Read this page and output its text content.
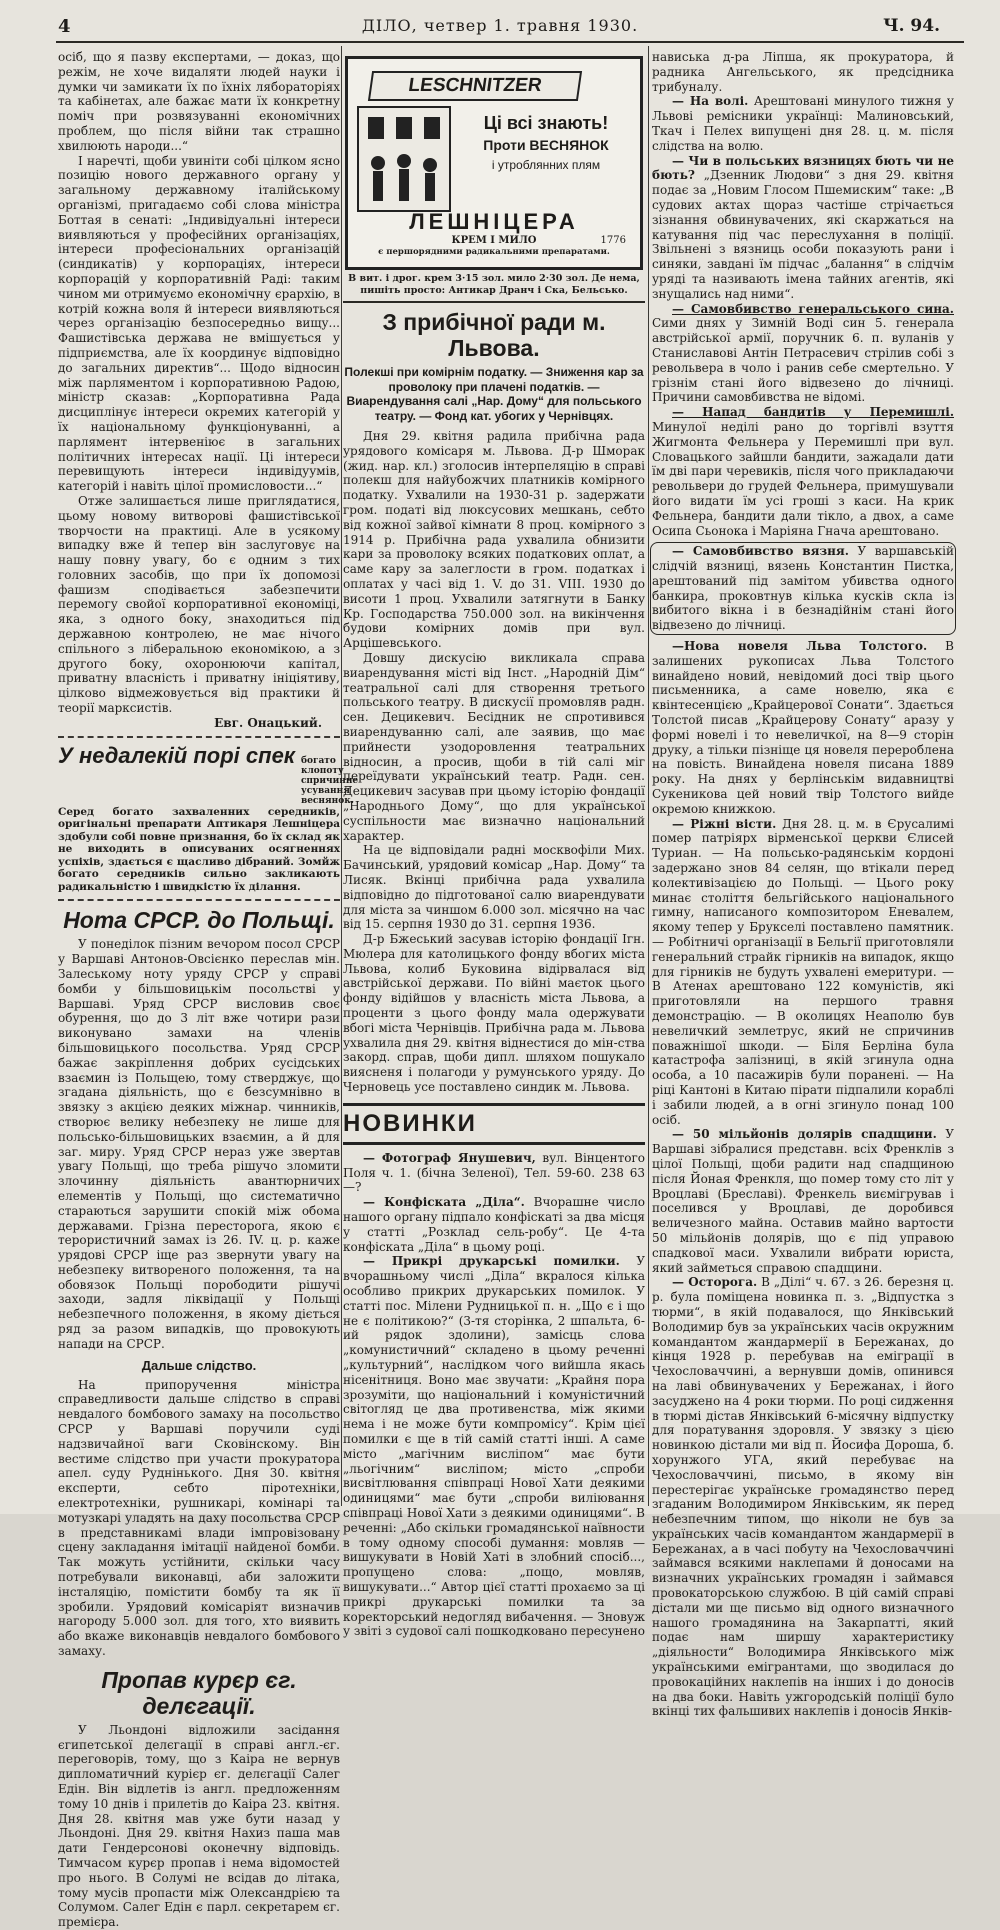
4	ДІЛО, четвер 1. травня 1930.	Ч. 94.

осіб, що я пазву експертами, — доказ, що режім, не хоче видаляти людей науки і думки чи замикати їх по їхніх лябораторіях та кабінетах, але бажає мати їх конкретну поміч при розвязуванні економічних проблем, що після війни так страшно хвилюють народи...“

І наречті, щоби увиніти собі цілком ясно позицію нового державного органу у загальному державному італійському організмі, пригадаємо собі слова міністра Боттая в сенаті: „Індивідуальні інтереси виявляються у професійних організаціях, інтереси професіональних організацій (синдикатів) у корпораціях, інтереси корпорацій у корпоративній Раді: таким чином ми отримуємо економічну єрархію, в котрій кожна воля й інтереси виявляються через організацію безпосередньо вищу... Фашистівська держава не вмішується у підприємства, але їх координує відповідно до загальних директив“... Щодо відносин між парляментом і корпоративною Радою, міністр сказав: „Корпоративна Рада дисциплінує інтереси окремих категорій у їх національному функціонуванні, а парлямент інтервеніює в загальних політичних інтересах нації. Ці інтереси перевищують інтереси індивідуумів, категорій і навіть цілої промисловости...“

Отже залишається лише приглядатися, цьому новому витворові фашистівської творчости на практиці. Але в усякому випадку вже й тепер він заслуговує на нашу повну увагу, бо є одним з тих головних засобів, що при їх допомозі фашизм сподівається забезпечити перемогу свойої корпоративної економіці, яка, з одного боку, знаходиться під державною контролею, не має нічого спільного з ліберальною економікою, а з другого боку, охоронюючи капітал, приватну власність і приватну ініціятиву, цілково відмежовується від практики й теорії марксистів.

Евг. Онацький.
У недалекій порі спек богато клопоту спричинне усування веснянок.
Серед богато захваленних середників, оригінальні препарати Аптикаря Лешніцера здобули собі повне признання, бо їх склад як не виходить в описуваних осягненнях успіхів, здається є щасливо дібраний. Зомйж богато середників сильно закликають радикальністю і швидкістю їх ділання.
Нота СРСР. до Польщі.

У понеділок пізним вечором посол СРСР у Варшаві Антонов-Овсієнко переслав мін. Залеському ноту уряду СРСР у справі бомби у більшовицькім посольстві у Варшаві. Уряд СРСР висловив своє обурення, що до 3 літ вже чотири рази виконувано замахи на членів більшовицького посольства. Уряд СРСР бажає закріплення добрих сусідських взаємин із Польщею, тому стверджує, що згадана діяльність, що є безсумнівно в звязку з акцією деяких міжнар. чинників, створює велику небезпеку не лише для польсько-більшовицьких взаємин, а й для заг. миру. Уряд СРСР нераз уже звертав увагу Польщі, що треба рішучо зломити злочинну діяльність авантюрничих елементів у Польщі, що систематично стараються зарушити спокій між обома державами. Грізна пересторога, якою є терористичний замах із 26. IV. ц. р. каже урядові СРСР іще раз звернути увагу на небезпеку витвореного положення, та на обовязок Польщі порободити рішучі заходи, задля ліквідації у Польщі небезпечного положення, в якому діється ряд за разом випадків, що провокують напади на СРСР.

Дальше слідство.

На припоручення міністра справедливости дальше слідство в справі невдалого бомбового замаху на посольство СРСР у Варшаві поручили суді надзвичайної ваги Сковінскому. Він вестиме слідство при участи прокуратора апел. суду Руднінького. Дня 30. квітня експерти, себто піротехніки, електротехніки, рушникарі, комінарі та мотузкарі уладять на даху посольства СРСР в представникамі влади імпровізовану сцену закладання імітації найденої бомби. Так можуть устійнити, скільки часу потребували виконавці, аби заложити інсталяцію, помістити бомбу та як її зробили. Урядовий комісаріят визначив нагороду 5.000 зол. для того, хто виявить або вкаже виконавців невдалого бомбового замаху.

Пропав курєр єг. делєгації.

У Льондоні відложили засідання єгипетської делєгації в справі англ.-єг. переговорів, тому, що з Каіра не вернув дипломатичний курієр єг. делєгації Салег Едін. Він відлетів із англ. предложенням тому 10 днів і прилетів до Каіра 23. квітня. Дня 28. квітня мав уже бути назад у Льондоні. Дня 29. квітня Нахиз паша мав дати Гендерсонові оконечну відповідь. Тимчасом курєр пропав і нема відомостей про нього. В Солумі не всідав до літака, тому мусів пропасти між Олександрією та Солумом. Салег Едін є парл. секретарем єг. премієра.

LESCHNITZER
Ці всі знають!
Проти ВЕСНЯНОК
і утроблянних плям
ЛЕШНІЦЕРА
КРЕМ І МИЛО	1776
є першорядними радикальними препаратами.
В вит. і дрог. крем 3·15 зол. мило 2·30 зол. Де нема, пишіть просто: Антикар Дранч і Ска, Бельсько.
З прибічної ради м. Львова.
Полекші при комірнім податку. — Зниження кар за проволоку при плачені податків. — Виарендування салі „Нар. Дому“ для польського театру. — Фонд кат. убогих у Чернівцях.

Дня 29. квітня радила прибічна рада урядового комісаря м. Львова. Д-р Шморак (жид. нар. кл.) зголосив інтерпеляцію в справі полекш для найубожчих платників комірного податку. Ухвалили на 1930-31 р. задержати гром. податі від люксусових мешкань, себто від кожної зайвої кімнати 8 проц. комірного з 1914 р. Прибічна рада ухвалила обнизити кари за проволоку всяких податкових оплат, а саме кару за залеглости в гром. податках і оплатах у часі від 1. V. до 31. VIII. 1930 до висоти 1 проц. Ухвалили затягнути в Банку Кр. Господарства 750.000 зол. на викінчення будови комірних домів при вул. Арцішевського.

Довшу дискусію викликала справа виарендування місті від Інст. „Народній Дім“ театральної салі для створення третього польського театру. В дискусії промовляв радн. сен. Децикевич. Бесідник не спротивився виарендуванню салі, але заявив, що має прийнести узодоровлення театральних відносин, а просив, щоби в тій салі міг переїдувати український театр. Радн. сен. Децикевич засував при цьому історію фондації „Народнього Дому“, що для української суспільности має визначно національний характер.

На це відповідали радні москвофіли Мих. Бачинський, урядовий комісар „Нар. Дому“ та Лисяк. Вкінці прибічна рада ухвалила відповідно до підготованої салю виарендувати для міста за чиншом 6.000 зол. місячно на час від 15. серпня 1930 до 31. серпня 1936.

Д-р Бжеський засував історію фондації Ігн. Мюлера для католицького фонду вбогих міста Львова, колиб Буковина відірвалася від австрійської держави. По війні маєток цього фонду відійшов у власність міста Львова, а проценти з цього фонду мала одержувати вбогі міста Чернівців. Прибічна рада м. Львова ухвалила дня 29. квітня віднестися до мін-ства закорд. справ, щоби дипл. шляхом пошукало виясненя і полагоди у румунського уряду. До Черновець усе поставлено синдик м. Львова.

НОВИНКИ

— Фотограф Янушевич, вул. Вінцентого Поля ч. 1. (бічна Зеленої), Тел. 59-60. 238 63—?

— Конфіската „Діла“. Вчорашне число нашого органу підпало конфіскаті за два місця у статті „Розклад сель-робу“. Це 4-та конфіската „Діла“ в цьому році.

— Прикрі друкарські помилки. У вчорашньому числі „Діла“ вкралося кілька особливо прикрих друкарських помилок. У статті пос. Мілени Рудницької п. н. „Що є і що не є політикою?“ (3-тя сторінка, 2 шпальта, 6-ий рядок здолини), замісць слова „комунистичний“ складено в цьому реченні „культурний“, наслідком чого вийшла якась нісенітниця. Воно має звучати: „Крайня пора зрозуміти, що національний і комуністичний світогляд це два противенства, між якими нема і не може бути компромісу“. Крім цієї помилки є ще в тій самій статті інші. А саме місто „магічним висліпом“ має бути „льогічним“ висліпом; місто „спроби висвітлювання співпраці Нової Хати деякими одиницями“ має бути „спроби виліювання співпраці Нової Хати з деякими одиницями“. В реченні: „Або скільки громадянської наївности в тому одному способі думання: мовляв — вишукувати в Новій Хаті в злобний спосіб..., пропущено слова: „пощо, мовляв, вишукувати...“ Автор цієї статті прохаємо за ці прикрі друкарські помилки та за коректорський недогляд вибачення. — Зновуж у звіті з судової салі пошкодковано пересунено

нависька д-ра Ліпша, як прокуратора, й радника Ангельського, як предсідника трибуналу.

— На волі. Арештовані минулого тижня у Львові ремісники українці: Малиновський, Ткач і Пелех випущені дня 28. ц. м. після слідства на волю.

— Чи в польських вязницях бють чи не бють? „Дзенник Людови“ з дня 29. квітня подає за „Новим Глосом Пшемиским“ таке: „В судових актах щораз частіше стрічається зізнання обвинувачених, які скаржаться на катування під час переслухання в поліції. Звільнені з вязниць особи показують рани і синяки, завдані їм підчас „балання“ в слідчім уряді та називають імена тайних агентів, які знущались над ними“.

— Самовбивство генеральського сина. Сими днях у Зимній Воді син 5. генерала австрійської армії, поручник 6. п. вуланів у Станиславові Антін Петрасевич стрілив собі з револьвера в чоло і ранив себе смертельно. У грізнім стані його відвезено до лічниці. Причини самовбивства не відомі.

— Напад бандитів у Перемишлі. Минулої неділі рано до торгівлі взуття Жигмонта Фельнера у Перемишлі при вул. Словацького зайшли бандити, зажадали дати їм дві пари черевиків, після чого прикладаючи револьвери до грудей Фельнера, примушували його видати їм усі гроші з каси. На крик Фельнера, бандити дали тікло, а двох, а саме Осипа Сьонока і Маріяна Гнача арештовано.

— Самовбивство вязня. У варшавській слідчій вязниці, вязень Константин Пистка, арештований під замітом убивства одного банкира, проковтнув кілька кусків скла із вибитого вікна і в безнадійнім стані його відвезено до лічниці.

—Нова новеля Льва Толстого. В залишених рукописах Льва Толстого винайдено новий, невідомий досі твір цього письменника, а саме новелю, яка є квінтесенцією „Крайцерової Сонати“. Здається Толстой писав „Крайцерову Сонату“ аразу у формі новелі і то невеличкої, на 8—9 сторін друку, а тільки пізніще ця новеля перероблена на повість. Винайдена новеля писана 1889 року. На днях у берлінськім видавництві Сукеникова цей новий твір Толстого вийде окремою книжкою.

— Ріжні вісти. Дня 28. ц. м. в Єрусалимі помер патріярх вірменської церкви Єлисей Туриан. — На польсько-радянськім кордоні задержано знов 84 селян, що втікали перед колективізацією до Польщі. — Цього року минає століття бельгійського національного гимну, написаного композитором Еневалем, якому тепер у Брукселі поставлено памятник. — Робітничі організації в Бельгії приготовляли генеральний страйк гірників на випадок, якщо для гірників не будуть ухвалені емеритури. — В Атенах арештовано 122 комуністів, які приготовляли на першого травня демонстрацію. — В околицях Неаполю був невеличкий землетрус, який не спричинив поважнішої шкоди. — Біля Берліна була катастрофа залізниці, в якій згинула одна особа, а 10 пасажирів були поранені. — На ріці Кантоні в Китаю пірати підпалили кораблі і забили людей, а в огні згинуло понад 100 осіб.

— 50 мільйонів долярів спадщини. У Варшаві зібралися представн. всіх Френклів з цілої Польщі, щоби радити над спадщиною після Йоная Френкля, що помер тому сто літ у Вроцлаві (Бреславі). Френкель виємігрував і поселився у Вроцлаві, де доробився величезного майна. Оставив майно вартости 50 мільйонів долярів, що є під управою спадкової маси. Ухвалили вибрати юриста, який займеться справою спадщини.

— Осторога. В „Ділі“ ч. 67. з 26. березня ц. р. була поміщена новинка п. з. „Відпустка з тюрми“, в якій подавалося, що Янківський Володимир був за українських часів окружним командантом жандармерії в Бережанах, до кінця 1928 р. перебував на еміграції в Чехословаччині, а вернувши домів, опинився на лаві обвинувачених у Бережанах, і його засуджено на 4 роки тюрми. По році сидження в тюрмі дістав Янківський 6-місячну відпустку для поратування здоровля. У звязку з цією новинкою дістали ми від п. Йосифа Дороша, б. хорунжого УГА, який перебуває на Чехословаччині, письмо, в якому він перестерігає українське громадянство перед згаданим Володимиром Янківським, як перед небезпечним типом, що ніколи не був за українських часів командантом жандармерії в Бережанах, а в часі побуту на Чехословаччині займався всякими наклепами й доносами на визначних українських громадян і займався провокаторською службою. В цій самій справі дістали ми ще письмо від одного визначного нашого громадянина на Закарпатті, який подає нам ширшу характеристику „діяльности“ Володимира Янківського між українськими емігрантами, що зводилася до провокаційних наклепів на інших і до доносів на два боки. Навіть ужгородській поліції було вкінці тих фальшивих наклепів і доносів Янків-
